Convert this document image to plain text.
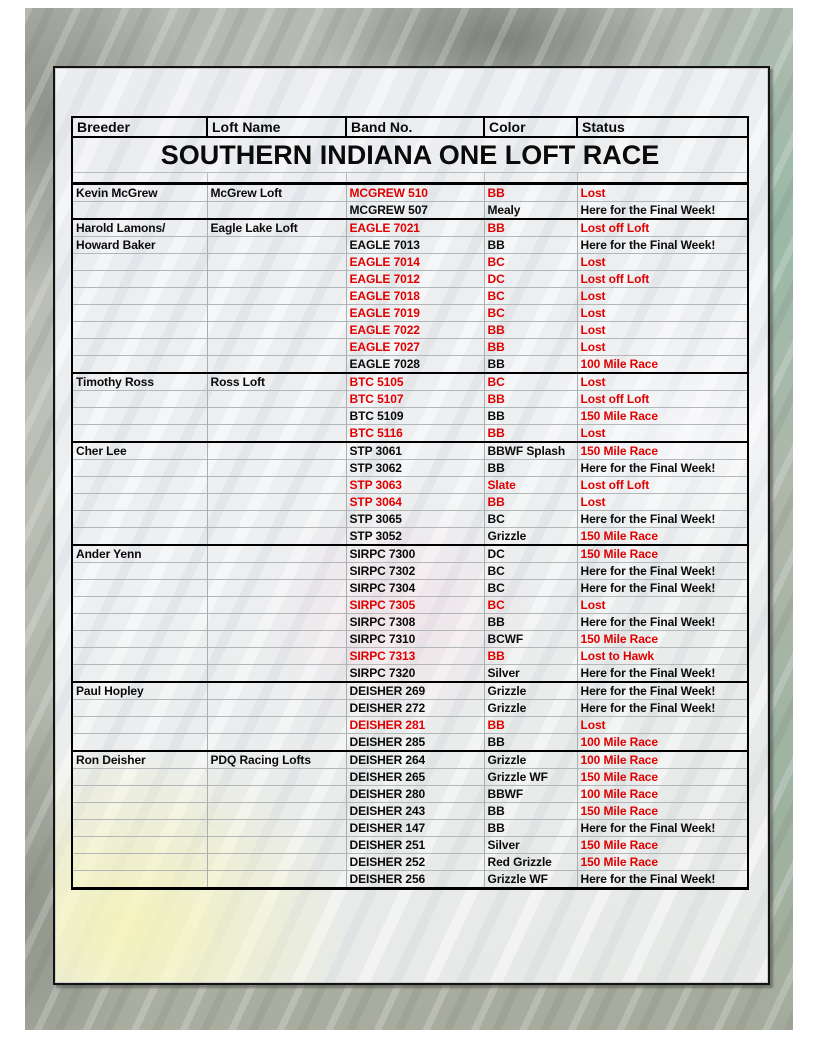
SOUTHERN INDIANA ONE LOFT RACE				

Breeder	Loft Name	Band No.	Color	Status
Kevin McGrew	McGrew Loft	MCGREW 510	BB	Lost
		MCGREW 507	Mealy	Here for the Final Week!
Harold Lamons/	Eagle Lake Loft	EAGLE 7021	BB	Lost off Loft
Howard Baker		EAGLE 7013	BB	Here for the Final Week!
		EAGLE 7014	BC	Lost
		EAGLE 7012	DC	Lost off Loft
		EAGLE 7018	BC	Lost
		EAGLE 7019	BC	Lost
		EAGLE 7022	BB	Lost
		EAGLE 7027	BB	Lost
		EAGLE 7028	BB	100 Mile Race
Timothy Ross	Ross Loft	BTC 5105	BC	Lost
		BTC 5107	BB	Lost off Loft
		BTC 5109	BB	150 Mile Race
		BTC 5116	BB	Lost
Cher Lee		STP 3061	BBWF Splash	150 Mile Race
		STP 3062	BB	Here for the Final Week!
		STP 3063	Slate	Lost off Loft
		STP 3064	BB	Lost
		STP 3065	BC	Here for the Final Week!
		STP 3052	Grizzle	150 Mile Race
Ander Yenn		SIRPC 7300	DC	150 Mile Race
		SIRPC 7302	BC	Here for the Final Week!
		SIRPC 7304	BC	Here for the Final Week!
		SIRPC 7305	BC	Lost
		SIRPC 7308	BB	Here for the Final Week!
		SIRPC 7310	BCWF	150 Mile Race
		SIRPC 7313	BB	Lost to Hawk
		SIRPC 7320	Silver	Here for the Final Week!
Paul Hopley		DEISHER 269	Grizzle	Here for the Final Week!
		DEISHER 272	Grizzle	Here for the Final Week!
		DEISHER 281	BB	Lost
		DEISHER 285	BB	100 Mile Race
Ron Deisher	PDQ Racing Lofts	DEISHER 264	Grizzle	100 Mile Race
		DEISHER 265	Grizzle WF	150 Mile Race
		DEISHER 280	BBWF	100 Mile Race
		DEISHER 243	BB	150 Mile Race
		DEISHER 147	BB	Here for the Final Week!
		DEISHER 251	Silver	150 Mile Race
		DEISHER 252	Red Grizzle	150 Mile Race
		DEISHER 256	Grizzle WF	Here for the Final Week!
